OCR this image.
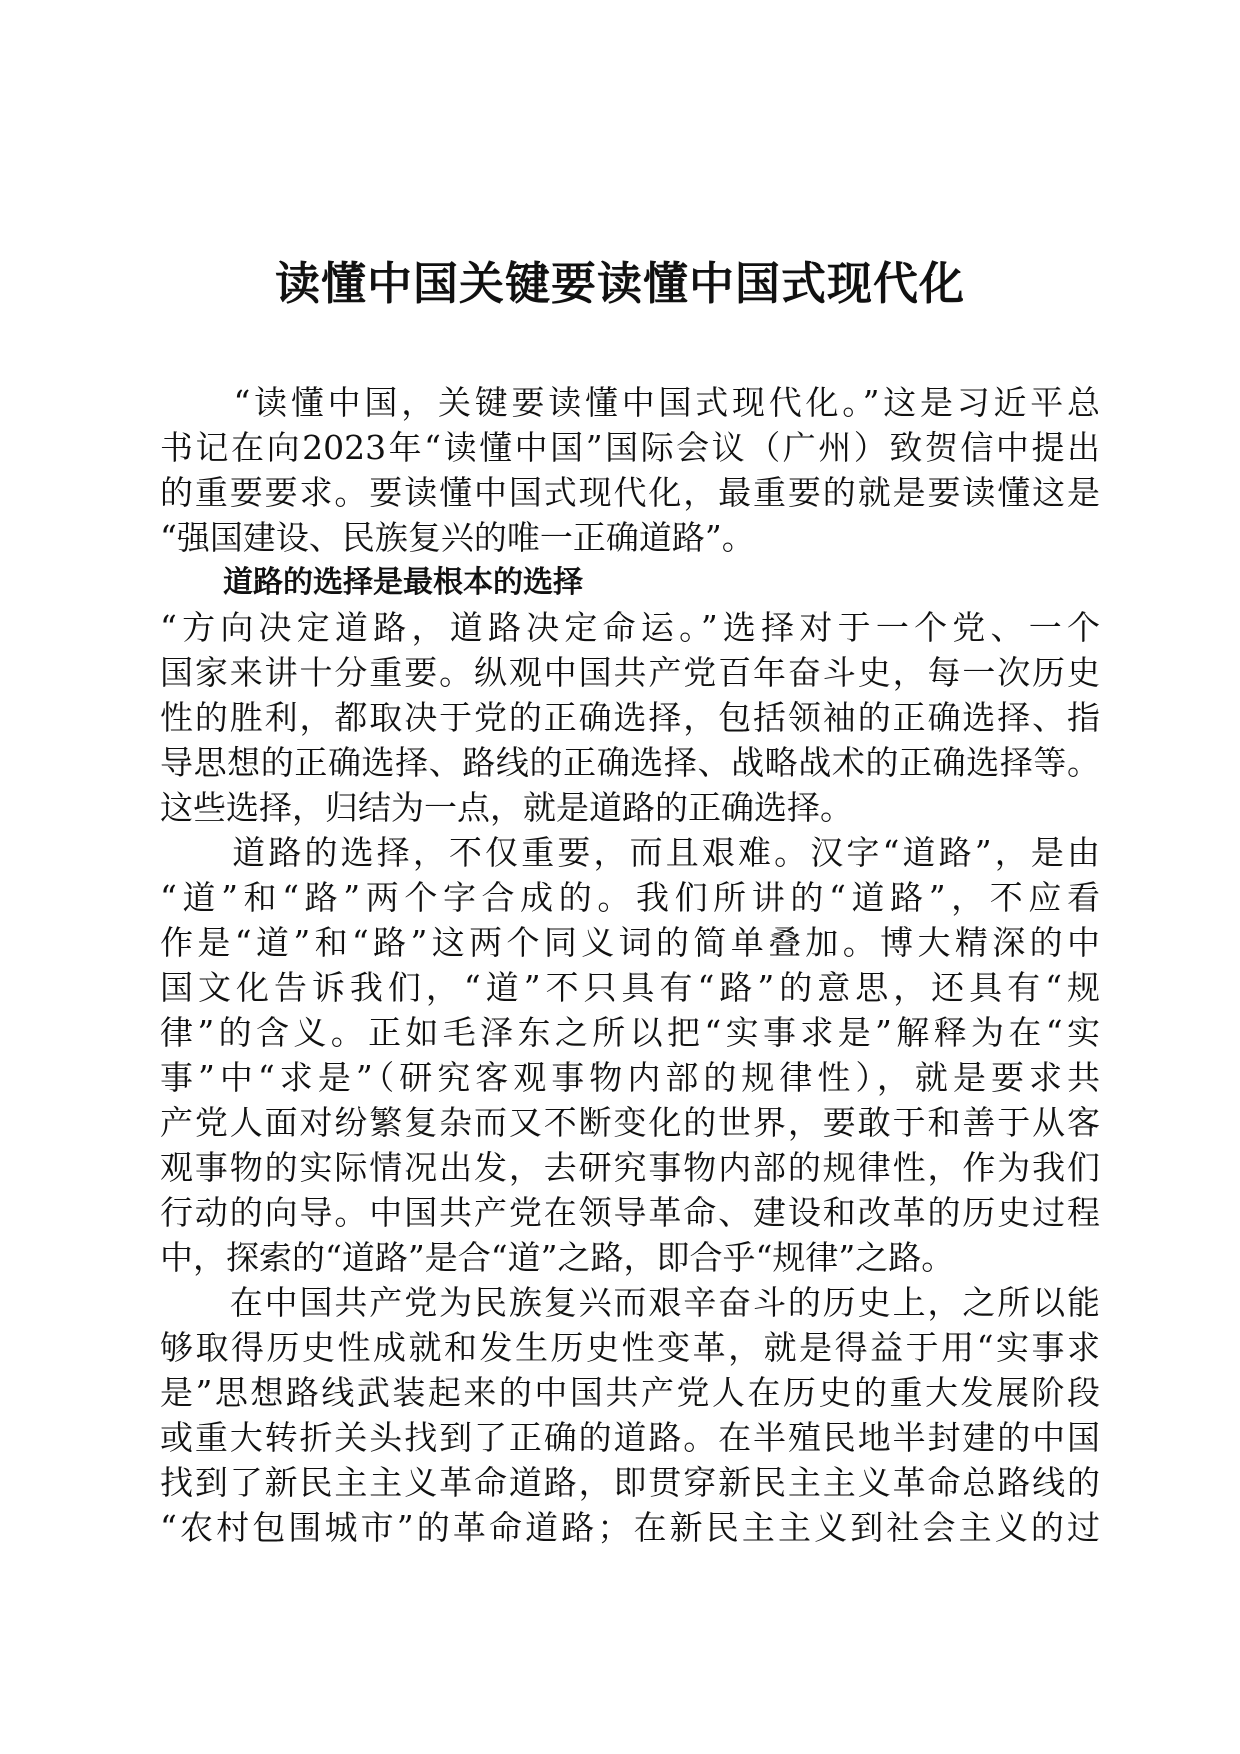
读懂中国关键要读懂中国式现代化
　　“读懂中国，关键要读懂中国式现代化。”这是习近平总
书记在向2023年“读懂中国”国际会议（广州）致贺信中提出
的重要要求。要读懂中国式现代化，最重要的就是要读懂这是
“强国建设、民族复兴的唯一正确道路”。
道路的选择是最根本的选择
“方向决定道路，道路决定命运。”选择对于一个党、一个
国家来讲十分重要。纵观中国共产党百年奋斗史，每一次历史
性的胜利，都取决于党的正确选择，包括领袖的正确选择、指
导思想的正确选择、路线的正确选择、战略战术的正确选择等。
这些选择，归结为一点，就是道路的正确选择。
　　道路的选择，不仅重要，而且艰难。汉字“道路”，是由
“道”和“路”两个字合成的。我们所讲的“道路”，不应看
作是“道”和“路”这两个同义词的简单叠加。博大精深的中
国文化告诉我们，“道”不只具有“路”的意思，还具有“规
律”的含义。正如毛泽东之所以把“实事求是”解释为在“实
事”中“求是”（研究客观事物内部的规律性），就是要求共
产党人面对纷繁复杂而又不断变化的世界，要敢于和善于从客
观事物的实际情况出发，去研究事物内部的规律性，作为我们
行动的向导。中国共产党在领导革命、建设和改革的历史过程
中，探索的“道路”是合“道”之路，即合乎“规律”之路。
　　在中国共产党为民族复兴而艰辛奋斗的历史上，之所以能
够取得历史性成就和发生历史性变革，就是得益于用“实事求
是”思想路线武装起来的中国共产党人在历史的重大发展阶段
或重大转折关头找到了正确的道路。在半殖民地半封建的中国
找到了新民主主义革命道路，即贯穿新民主主义革命总路线的
“农村包围城市”的革命道路；在新民主主义到社会主义的过
